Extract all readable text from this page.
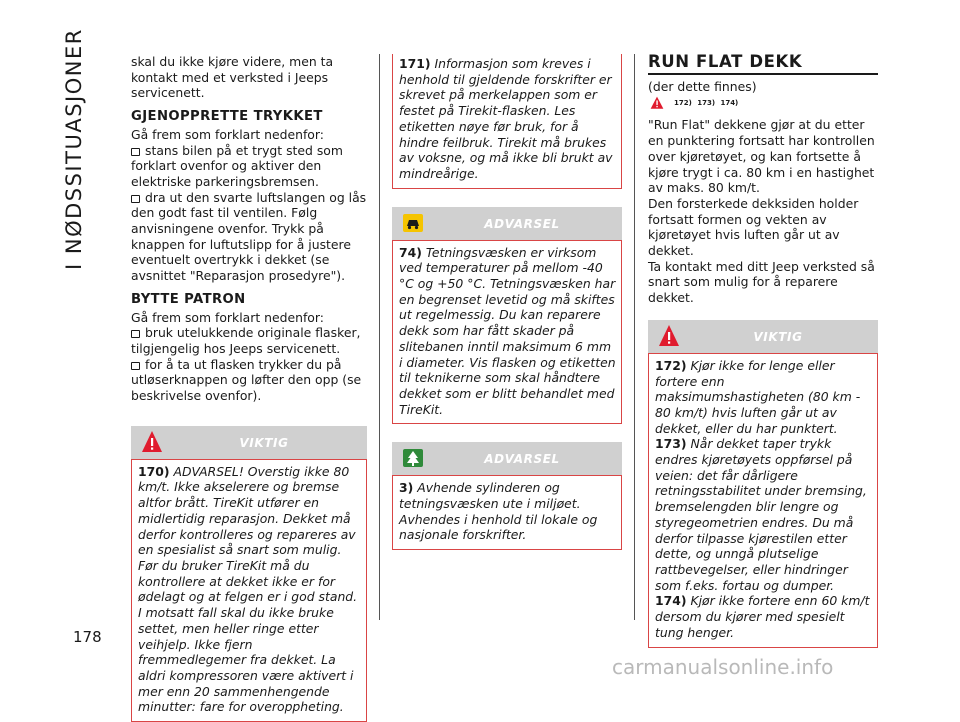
I NØDSSITUASJONER
178
carmanualsonline.info

skal du ikke kjøre videre, men ta kontakt med et verksted i Jeeps servicenett.

GJENOPPRETTE TRYKKET

Gå frem som forklart nedenfor:

stans bilen på et trygt sted som forklart ovenfor og aktiver den elektriske parkeringsbremsen.

dra ut den svarte luftslangen og lås den godt fast til ventilen. Følg anvisningene ovenfor. Trykk på knappen for luftutslipp for å justere eventuelt overtrykk i dekket (se avsnittet "Reparasjon prosedyre").

BYTTE PATRON

Gå frem som forklart nedenfor:

bruk utelukkende originale flasker, tilgjengelig hos Jeeps servicenett.

for å ta ut flasken trykker du på utløserknappen og løfter den opp (se beskrivelse ovenfor).

VIKTIG

170) ADVARSEL! Overstig ikke 80 km/t. Ikke akselerere og bremse altfor brått. TireKit utfører en midlertidig reparasjon. Dekket må derfor kontrolleres og repareres av en spesialist så snart som mulig. Før du bruker TireKit må du kontrollere at dekket ikke er for ødelagt og at felgen er i god stand. I motsatt fall skal du ikke bruke settet, men heller ringe etter veihjelp. Ikke fjern fremmedlegemer fra dekket. La aldri kompressoren være aktivert i mer enn 20 sammenhengende minutter: fare for overoppheting.

171) Informasjon som kreves i henhold til gjeldende forskrifter er skrevet på merkelappen som er festet på Tirekit-flasken. Les etiketten nøye før bruk, for å hindre feilbruk. Tirekit må brukes av voksne, og må ikke bli brukt av mindreårige.

ADVARSEL

74) Tetningsvæsken er virksom ved temperaturer på mellom -40 °C og +50 °C. Tetningsvæsken har en begrenset levetid og må skiftes ut regelmessig. Du kan reparere dekk som har fått skader på slitebanen inntil maksimum 6 mm i diameter. Vis flasken og etiketten til teknikerne som skal håndtere dekket som er blitt behandlet med TireKit.

ADVARSEL

3) Avhende sylinderen og tetningsvæsken ute i miljøet. Avhendes i henhold til lokale og nasjonale forskrifter.

RUN FLAT DEKK

(der dette finnes)

$^{172) 173) 174)}$

"Run Flat" dekkene gjør at du etter en punktering fortsatt har kontrollen over kjøretøyet, og kan fortsette å kjøre trygt i ca. 80 km i en hastighet av maks. 80 km/t.

Den forsterkede dekksiden holder fortsatt formen og vekten av kjøretøyet hvis luften går ut av dekket.

Ta kontakt med ditt Jeep verksted så snart som mulig for å reparere dekket.

VIKTIG

172) Kjør ikke for lenge eller fortere enn maksimumshastigheten (80 km - 80 km/t) hvis luften går ut av dekket, eller du har punktert.

173) Når dekket taper trykk endres kjøretøyets oppførsel på veien: det får dårligere retningsstabilitet under bremsing, bremselengden blir lengre og styregeometrien endres. Du må derfor tilpasse kjørestilen etter dette, og unngå plutselige rattbevegelser, eller hindringer som f.eks. fortau og dumper.

174) Kjør ikke fortere enn 60 km/t dersom du kjører med spesielt tung henger.
